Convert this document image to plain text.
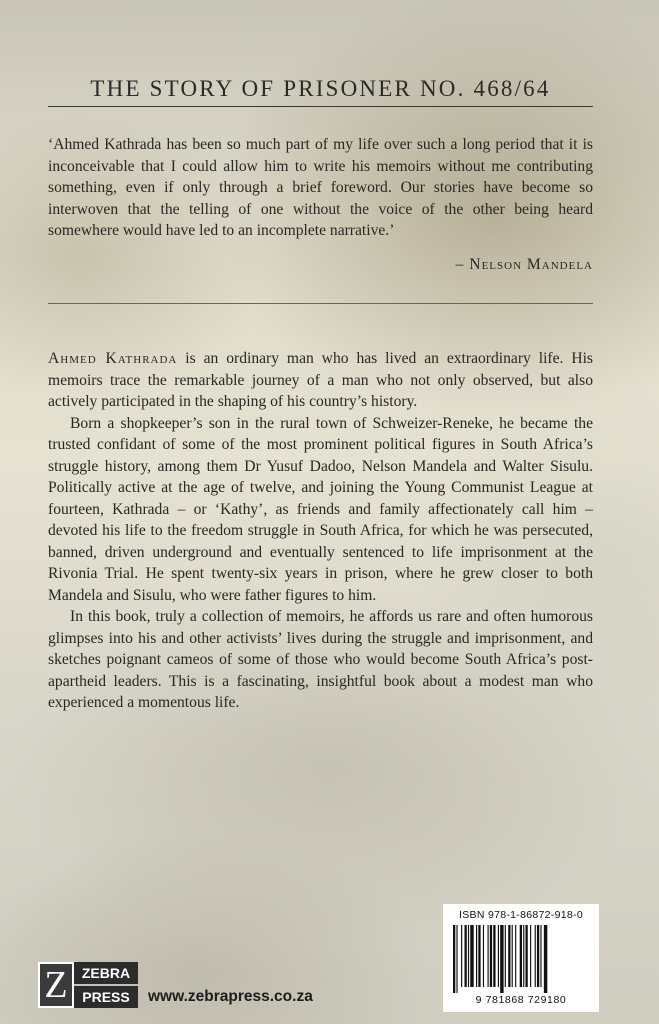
THE STORY OF PRISONER NO. 468/64
‘Ahmed Kathrada has been so much part of my life over such a long period that it is inconceivable that I could allow him to write his memoirs without me contributing something, even if only through a brief foreword. Our stories have become so interwoven that the telling of one without the voice of the other being heard somewhere would have led to an incomplete narrative.’
– Nelson Mandela

Ahmed Kathrada is an ordinary man who has lived an extraordinary life. His memoirs trace the remarkable journey of a man who not only observed, but also actively participated in the shaping of his country’s history.

Born a shopkeeper’s son in the rural town of Schweizer-Reneke, he became the trusted confidant of some of the most prominent political figures in South Africa’s struggle history, among them Dr Yusuf Dadoo, Nelson Mandela and Walter Sisulu. Politically active at the age of twelve, and joining the Young Communist League at fourteen, Kathrada – or ‘Kathy’, as friends and family affectionately call him – devoted his life to the freedom struggle in South Africa, for which he was persecuted, banned, driven underground and eventually sentenced to life imprisonment at the Rivonia Trial. He spent twenty-six years in prison, where he grew closer to both Mandela and Sisulu, who were father figures to him.

In this book, truly a collection of memoirs, he affords us rare and often humorous glimpses into his and other activists’ lives during the struggle and imprisonment, and sketches poignant cameos of some of those who would become South Africa’s post-apartheid leaders. This is a fascinating, insightful book about a modest man who experienced a momentous life.

ISBN 978-1-86872-918-0
9 781868 729180
Z	ZEBRA
PRESS	www.zebrapress.co.za
